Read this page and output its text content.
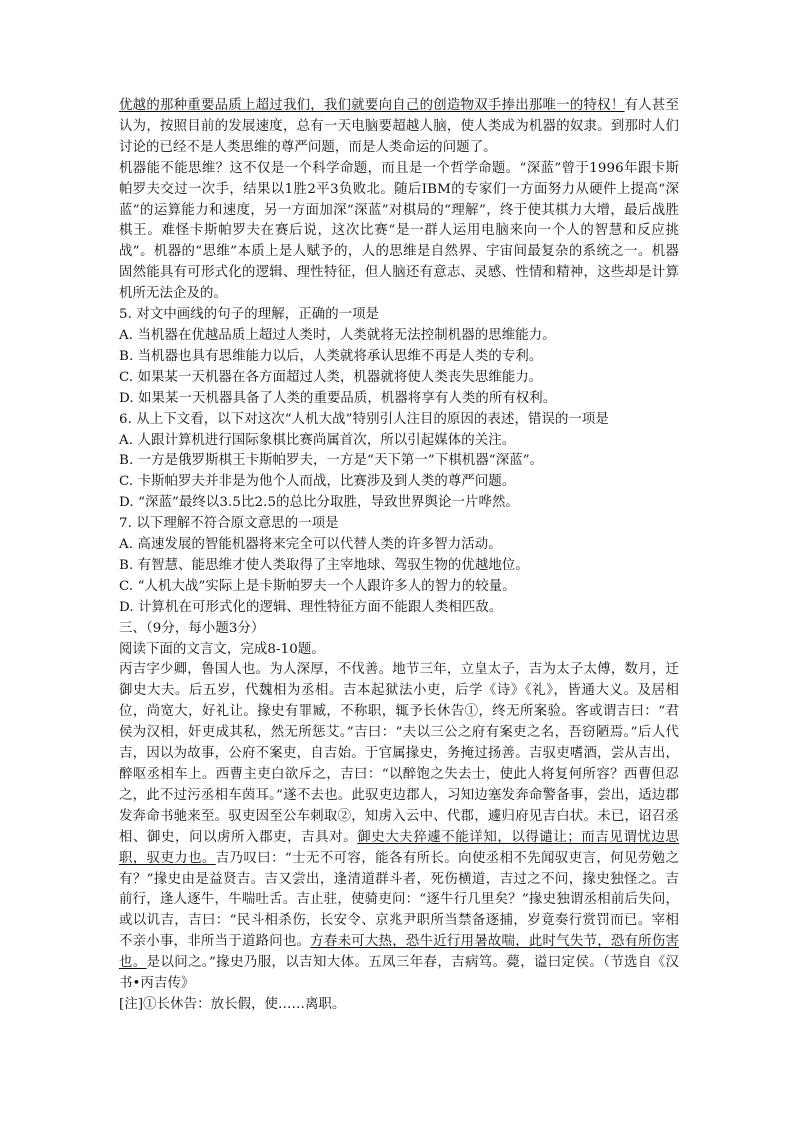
优越的那种重要品质上超过我们，我们就要向自己的创造物双手捧出那唯一的特权！有人甚至认为，按照目前的发展速度，总有一天电脑要超越人脑，使人类成为机器的奴隶。到那时人们讨论的已经不是人类思维的尊严问题，而是人类命运的问题了。

机器能不能思维？这不仅是一个科学命题，而且是一个哲学命题。“深蓝”曾于1996年跟卡斯帕罗夫交过一次手，结果以1胜2平3负败北。随后IBM的专家们一方面努力从硬件上提高“深蓝”的运算能力和速度，另一方面加深“深蓝”对棋局的“理解”，终于使其棋力大增，最后战胜棋王。难怪卡斯帕罗夫在赛后说，这次比赛“是一群人运用电脑来向一个人的智慧和反应挑战”。机器的“思维”本质上是人赋予的，人的思维是自然界、宇宙间最复杂的系统之一。机器固然能具有可形式化的逻辑、理性特征，但人脑还有意志、灵感、性情和精神，这些却是计算机所无法企及的。

5. 对文中画线的句子的理解，正确的一项是

A. 当机器在优越品质上超过人类时，人类就将无法控制机器的思维能力。

B. 当机器也具有思维能力以后，人类就将承认思维不再是人类的专利。

C. 如果某一天机器在各方面超过人类，机器就将使人类丧失思维能力。

D. 如果某一天机器具备了人类的重要品质，机器将享有人类的所有权利。

6. 从上下文看，以下对这次“人机大战”特别引人注目的原因的表述，错误的一项是

A. 人跟计算机进行国际象棋比赛尚属首次，所以引起媒体的关注。

B. 一方是俄罗斯棋王卡斯帕罗夫，一方是“天下第一”下棋机器“深蓝”。

C. 卡斯帕罗夫并非是为他个人而战，比赛涉及到人类的尊严问题。

D. “深蓝”最终以3.5比2.5的总比分取胜，导致世界舆论一片哗然。

7. 以下理解不符合原文意思的一项是

A. 高速发展的智能机器将来完全可以代替人类的许多智力活动。

B. 有智慧、能思维才使人类取得了主宰地球、驾驭生物的优越地位。

C. “人机大战”实际上是卡斯帕罗夫一个人跟许多人的智力的较量。

D. 计算机在可形式化的逻辑、理性特征方面不能跟人类相匹敌。

三、（9分，每小题3分）

阅读下面的文言文，完成8-10题。

丙吉字少卿，鲁国人也。为人深厚，不伐善。地节三年，立皇太子，吉为太子太傅，数月，迁御史大夫。后五岁，代魏相为丞相。吉本起狱法小吏，后学《诗》《礼》，皆通大义。及居相位，尚宽大，好礼让。掾史有罪臧，不称职，辄予长休告①，终无所案验。客或谓吉曰：“君侯为汉相，奸吏成其私，然无所惩艾。”吉曰：“夫以三公之府有案吏之名，吾窃陋焉。”后人代吉，因以为故事，公府不案吏，自吉始。于官属掾史，务掩过扬善。吉驭吏嗜酒，尝从吉出，醉呕丞相车上。西曹主吏白欲斥之，吉曰：“以醉饱之失去士，使此人将复何所容？西曹但忍之，此不过污丞相车茵耳。”遂不去也。此驭吏边郡人，习知边塞发奔命警备事，尝出，适边郡发奔命书驰来至。驭吏因至公车刺取②，知虏入云中、代郡，遽归府见吉白状。未已，诏召丞相、御史，问以虏所入郡吏，吉具对。御史大夫猝遽不能详知，以得谴让；而吉见谓忧边思职，驭吏力也。吉乃叹曰：“士无不可容，能各有所长。向使丞相不先闻驭吏言，何见劳勉之有？”掾史由是益贤吉。吉又尝出，逢清道群斗者，死伤横道，吉过之不问，掾史独怪之。吉前行，逢人逐牛，牛喘吐舌。吉止驻，使骑吏问：“逐牛行几里矣？”掾史独谓丞相前后失问，或以讥吉，吉曰：“民斗相杀伤，长安令、京兆尹职所当禁备逐捕，岁竟奏行赏罚而已。宰相不亲小事，非所当于道路问也。方春未可大热，恐牛近行用暑故喘，此时气失节，恐有所伤害也。是以问之。”掾史乃服，以吉知大体。五凤三年春，吉病笃。薨，谥曰定侯。（节选自《汉书•丙吉传》

[注]①长休告：放长假，使……离职。
